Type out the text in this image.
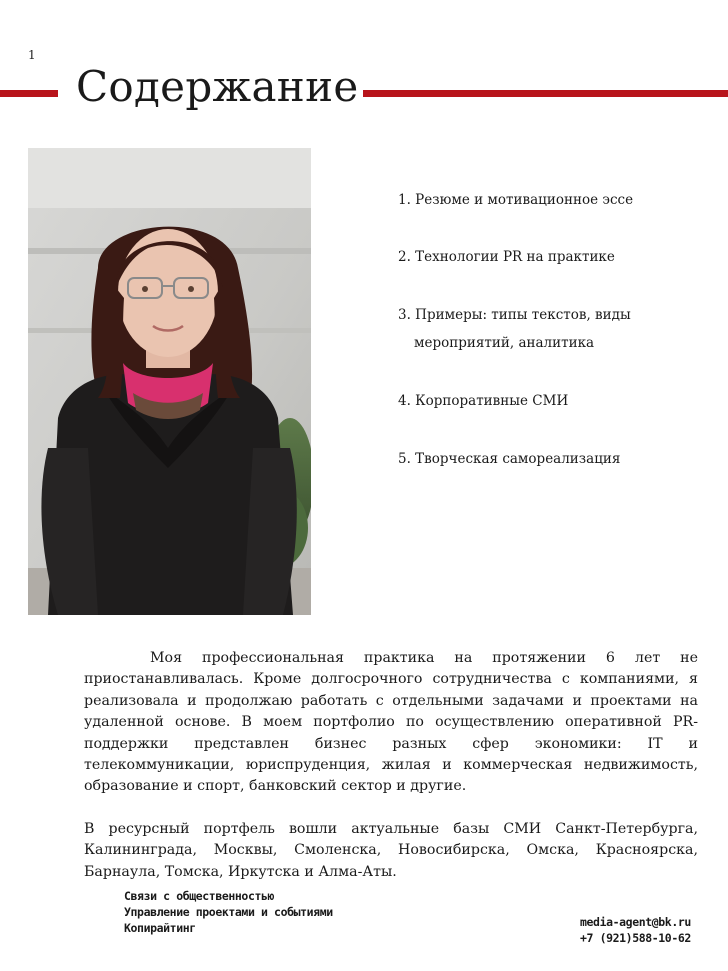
1
Содержание
1. Резюме и мотивационное эссе
2. Технологии PR на практике
3. Примеры: типы текстов, виды
мероприятий, аналитика
4. Корпоративные СМИ
5. Творческая самореализация

Моя профессиональная практика на протяжении 6 лет не приостанавливалась. Кроме долгосрочного сотрудничества с компаниями, я реализовала и продолжаю работать с отдельными задачами и проектами на удаленной основе. В моем портфолио по осуществлению оперативной PR-поддержки представлен бизнес разных сфер экономики: IT и телекоммуникации, юриспруденция, жилая и коммерческая недвижимость, образование и спорт, банковский сектор и другие.

В ресурсный портфель вошли актуальные базы СМИ Санкт-Петербурга, Калининграда, Москвы, Смоленска, Новосибирска, Омска, Красноярска, Барнаула, Томска, Иркутска и Алма-Аты.

Связи с общественностью
Управление проектами и событиями
Копирайтинг	media-agent@bk.ru
+7 (921)588-10-62
